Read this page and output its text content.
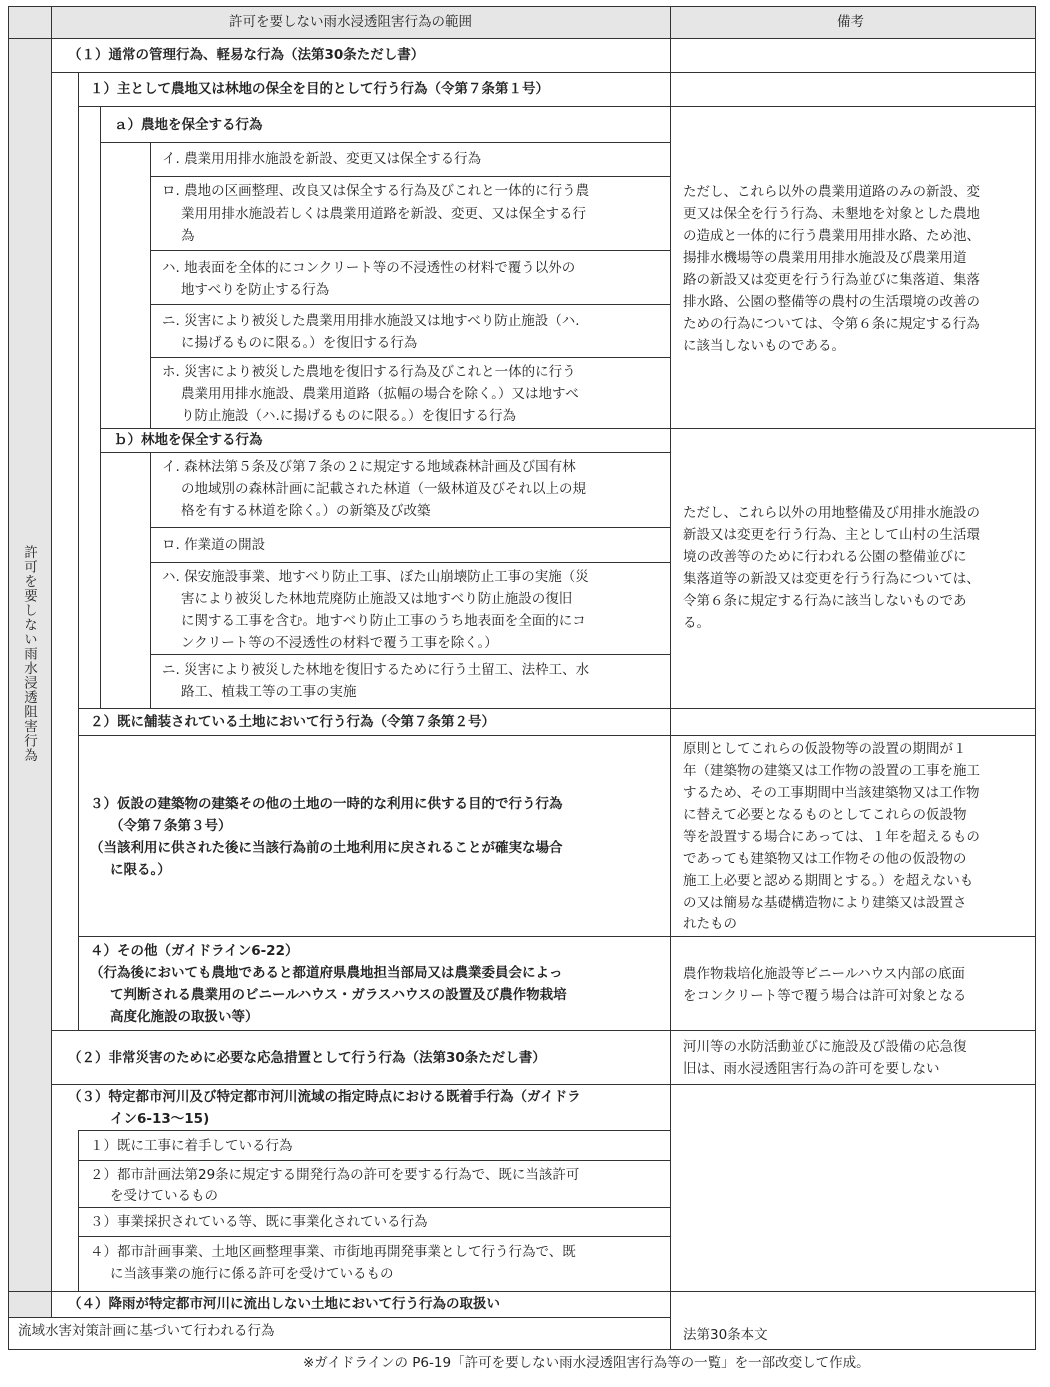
許可を要しない雨水浸透阻害行為の範囲	備考
許可を要しない雨水浸透阻害行為
（１）通常の管理行為、軽易な行為（法第30条ただし書）
１）主として農地又は林地の保全を目的として行う行為（令第７条第１号）
ａ）農地を保全する行為
イ. 農業用用排水施設を新設、変更又は保全する行為
ロ. 農地の区画整理、改良又は保全する行為及びこれと一体的に行う農
業用用排水施設若しくは農業用道路を新設、変更、又は保全する行
為
ハ. 地表面を全体的にコンクリート等の不浸透性の材料で覆う以外の
地すべりを防止する行為
ニ. 災害により被災した農業用用排水施設又は地すべり防止施設（ハ.
に揚げるものに限る。）を復旧する行為
ホ. 災害により被災した農地を復旧する行為及びこれと一体的に行う
農業用用排水施設、農業用道路（拡幅の場合を除く。）又は地すべ
り防止施設（ハ.に揚げるものに限る。）を復旧する行為
ただし、これら以外の農業用道路のみの新設、変
更又は保全を行う行為、未墾地を対象とした農地
の造成と一体的に行う農業用用排水路、ため池、
揚排水機場等の農業用用排水施設及び農業用道
路の新設又は変更を行う行為並びに集落道、集落
排水路、公園の整備等の農村の生活環境の改善の
ための行為については、令第６条に規定する行為
に該当しないものである。
ｂ）林地を保全する行為
イ. 森林法第５条及び第７条の２に規定する地域森林計画及び国有林
の地域別の森林計画に記載された林道（一級林道及びそれ以上の規
格を有する林道を除く。）の新築及び改築
ロ. 作業道の開設
ハ. 保安施設事業、地すべり防止工事、ぼた山崩壊防止工事の実施（災
害により被災した林地荒廃防止施設又は地すべり防止施設の復旧
に関する工事を含む。地すべり防止工事のうち地表面を全面的にコ
ンクリート等の不浸透性の材料で覆う工事を除く。）
ニ. 災害により被災した林地を復旧するために行う土留工、法枠工、水
路工、植栽工等の工事の実施
ただし、これら以外の用地整備及び用排水施設の
新設又は変更を行う行為、主として山村の生活環
境の改善等のために行われる公園の整備並びに
集落道等の新設又は変更を行う行為については、
令第６条に規定する行為に該当しないものであ
る。
２）既に舗装されている土地において行う行為（令第７条第２号）
３）仮設の建築物の建築その他の土地の一時的な利用に供する目的で行う行為
（令第７条第３号）
（当該利用に供された後に当該行為前の土地利用に戻されることが確実な場合
に限る。）
原則としてこれらの仮設物等の設置の期間が１
年（建築物の建築又は工作物の設置の工事を施工
するため、その工事期間中当該建築物又は工作物
に替えて必要となるものとしてこれらの仮設物
等を設置する場合にあっては、１年を超えるもの
であっても建築物又は工作物その他の仮設物の
施工上必要と認める期間とする。）を超えないも
の又は簡易な基礎構造物により建築又は設置さ
れたもの
４）その他（ガイドライン6-22）
（行為後においても農地であると都道府県農地担当部局又は農業委員会によっ
て判断される農業用のビニールハウス・ガラスハウスの設置及び農作物栽培
高度化施設の取扱い等）
農作物栽培化施設等ビニールハウス内部の底面
をコンクリート等で覆う場合は許可対象となる
（２）非常災害のために必要な応急措置として行う行為（法第30条ただし書）
河川等の水防活動並びに施設及び設備の応急復
旧は、雨水浸透阻害行為の許可を要しない
（３）特定都市河川及び特定都市河川流域の指定時点における既着手行為（ガイドラ
イン6-13～15)
１）既に工事に着手している行為
２）都市計画法第29条に規定する開発行為の許可を要する行為で、既に当該許可
を受けているもの
３）事業採択されている等、既に事業化されている行為
４）都市計画事業、土地区画整理事業、市街地再開発事業として行う行為で、既
に当該事業の施行に係る許可を受けているもの
（４）降雨が特定都市河川に流出しない土地において行う行為の取扱い
流域水害対策計画に基づいて行われる行為	法第30条本文
※ガイドラインの P6-19「許可を要しない雨水浸透阻害行為等の一覧」を一部改変して作成。
